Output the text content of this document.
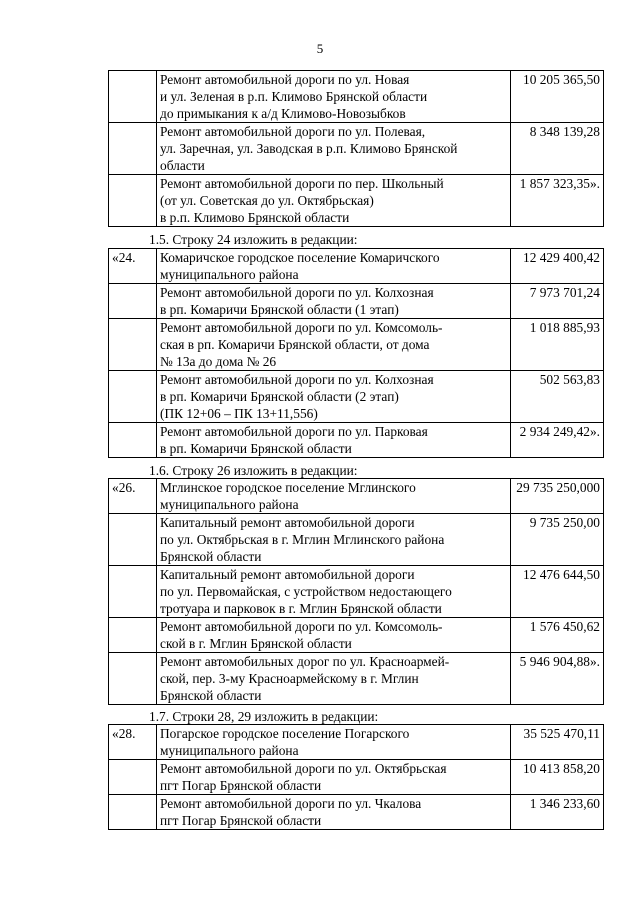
5
	Ремонт автомобильной дороги по ул. Новая
и ул. Зеленая в р.п. Климово Брянской области
до примыкания к а/д Климово-Новозыбков	10 205 365,50
	Ремонт автомобильной дороги по ул. Полевая,
ул. Заречная, ул. Заводская в р.п. Климово Брянской
области	8 348 139,28
	Ремонт автомобильной дороги по пер. Школьный
(от ул. Советская до ул. Октябрьская)
в р.п. Климово Брянской области	1 857 323,35».
1.5. Строку 24 изложить в редакции:
«24.	Комаричское городское поселение Комаричского
муниципального района	12 429 400,42
	Ремонт автомобильной дороги по ул. Колхозная
в рп. Комаричи Брянской области (1 этап)	7 973 701,24
	Ремонт автомобильной дороги по ул. Комсомоль-
ская в рп. Комаричи Брянской области, от дома
№ 13а до дома № 26	1 018 885,93
	Ремонт автомобильной дороги по ул. Колхозная
в рп. Комаричи Брянской области (2 этап)
(ПК 12+06 – ПК 13+11,556)	502 563,83
	Ремонт автомобильной дороги по ул. Парковая
в рп. Комаричи Брянской области	2 934 249,42».
1.6. Строку 26 изложить в редакции:
«26.	Мглинское городское поселение Мглинского
муниципального района	29 735 250,000
	Капитальный ремонт автомобильной дороги
по ул. Октябрьская в г. Мглин Мглинского района
Брянской области	9 735 250,00
	Капитальный ремонт автомобильной дороги
по ул. Первомайская, с устройством недостающего
тротуара и парковок в г. Мглин Брянской области	12 476 644,50
	Ремонт автомобильной дороги по ул. Комсомоль-
ской в г. Мглин Брянской области	1 576 450,62
	Ремонт автомобильных дорог по ул. Красноармей-
ской, пер. 3-му Красноармейскому в г. Мглин
Брянской области	5 946 904,88».
1.7. Строки 28, 29 изложить в редакции:
«28.	Погарское городское поселение Погарского
муниципального района	35 525 470,11
	Ремонт автомобильной дороги по ул. Октябрьская
пгт Погар Брянской области	10 413 858,20
	Ремонт автомобильной дороги по ул. Чкалова
пгт Погар Брянской области	1 346 233,60
